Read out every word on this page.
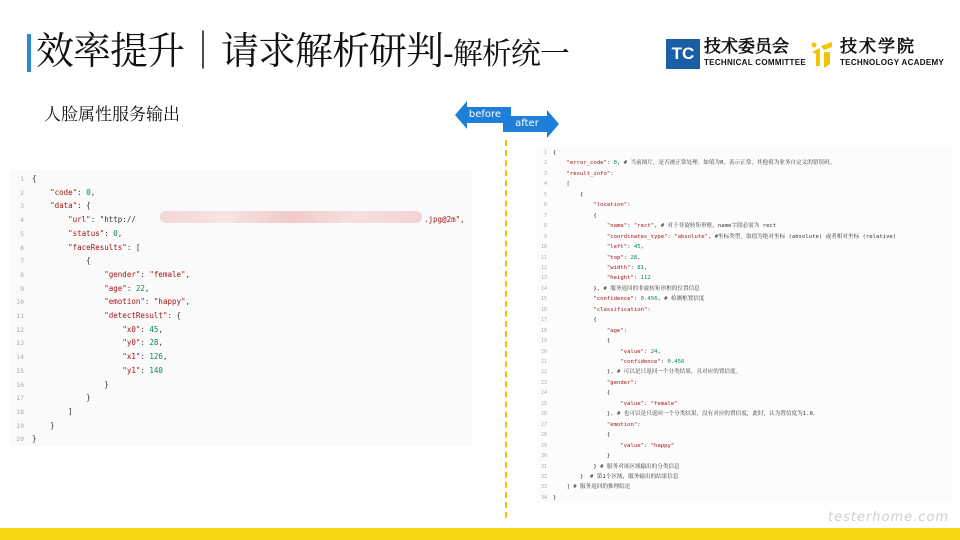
效率提升｜请求解析研判-解析统一	TC 技术委员会
TECHNICAL COMMITTEE
技术学院
TECHNOLOGY ACADEMY
人脸属性服务输出	before
after
1 {
2	"code": 0,
3	"data": {
4	"url": "http://
5	"status": 0,
6	"faceResults": [
7 {
8	"gender": "female",
9	"age": 22,
10	"emotion": "happy",
11	"detectResult": {
12	"x0": 45,
13	"y0": 28,
14	"x1": 126,
15	"y1": 140
16 }
17 }
18 ]
19 }
20 }
.jpg@2m",
1 {
2	"error_code": 0, # 当前图片，是否被正常处理。如值为0，表示正常，其他值为业务自定义的错误码。
3	"result_info":
4 [
5 {
6	"location":
7 {
8	"name": "rect", # 对于非旋转矩形框，name字段必需为 rect
9	"coordinates_type": "absolute", #坐标类型，取值为绝对坐标 (absolute) 或者相对坐标 (relative)
10	"left": 45,
11	"top": 28,
12	"width": 81,
13	"height": 112
14 }, # 服务返回的非旋转矩形框的位置信息
15	"confidence": 0.456, # 检测框置信度
16	"classification":
17 {
18	"age":
19 {
20	"value": 24,
21	"confidence": 0.456
22 }, # 可以是只返回一个分类结果，且对应的置信度。
23	"gender":
24 {
25	"value": "female"
26 }, # 也可以是只返回一个分类结果，没有对应的置信度，此时，认为置信度为1.0。
27	"emotion":
28 {
29	"value": "happy"
30 }
31 } # 服务对该区域输出的分类信息
32 }  # 第1个区域，服务输出的结果信息
33 ] # 服务返回的推理结论
34 }
testerhome.com
